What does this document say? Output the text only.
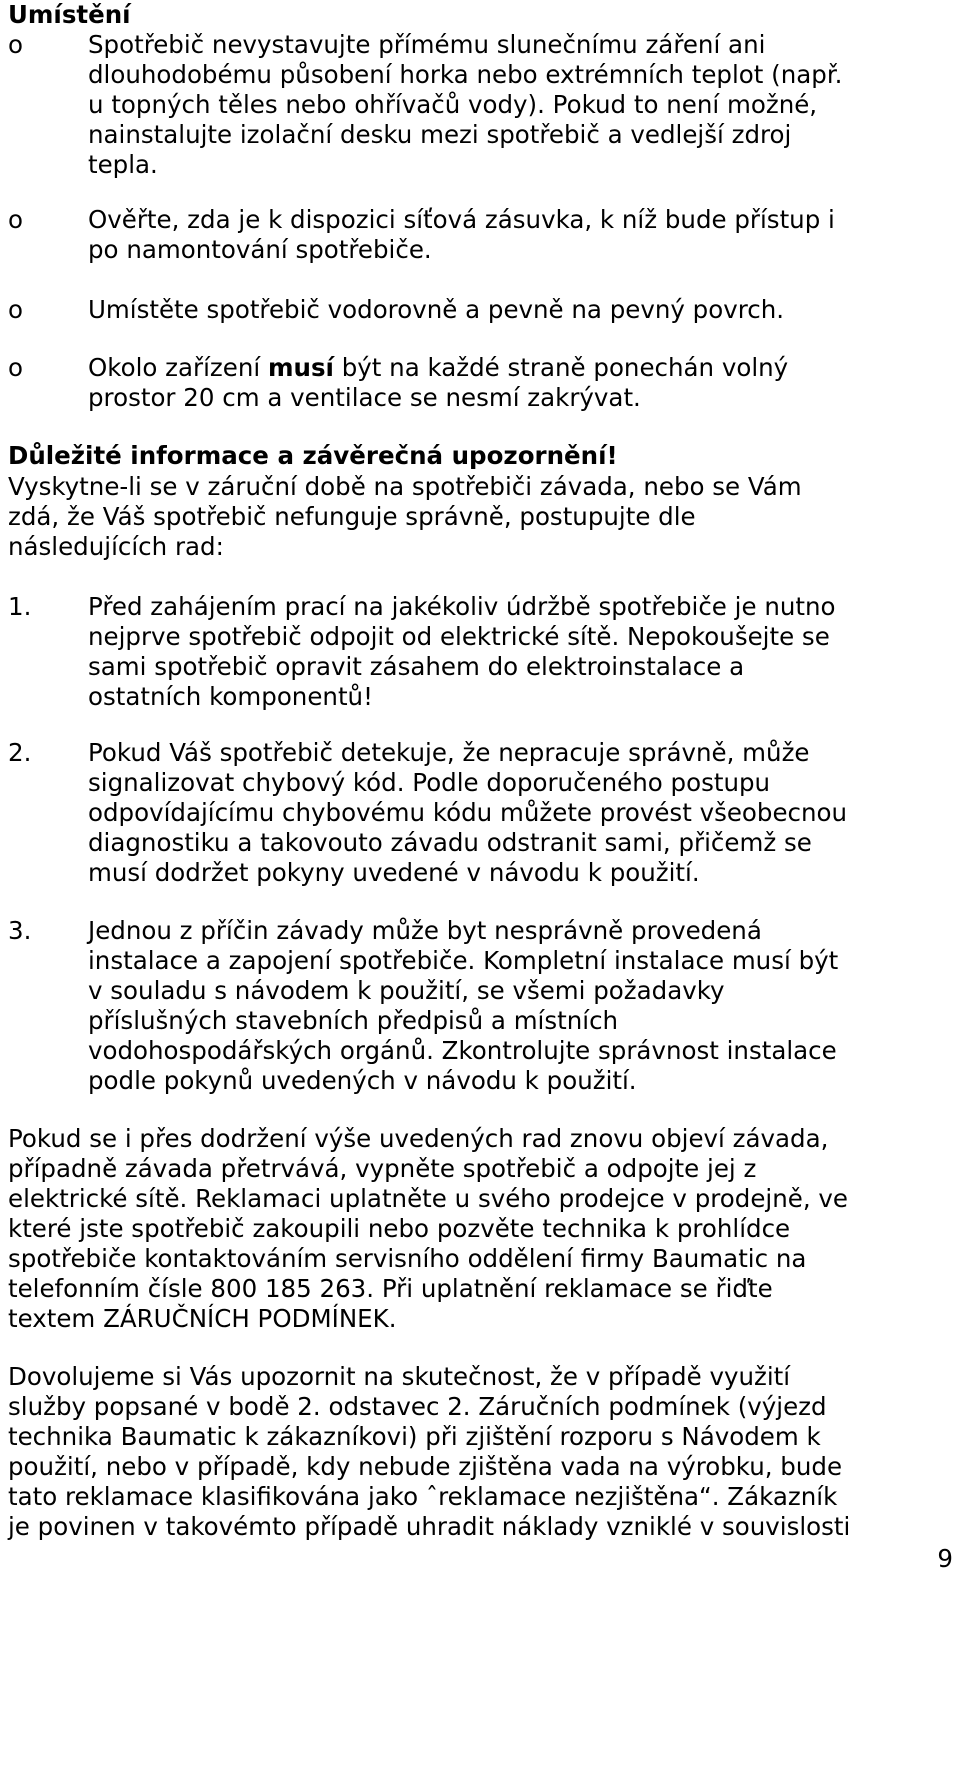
Umístění
o	Spotřebič nevystavujte přímému slunečnímu záření ani
dlouhodobému působení horka nebo extrémních teplot (např.
u topných těles nebo ohřívačů vody). Pokud to není možné,
nainstalujte izolační desku mezi spotřebič a vedlejší zdroj
tepla.
o	Ověřte, zda je k dispozici síťová zásuvka, k níž bude přístup i
po namontování spotřebiče.
o	Umístěte spotřebič vodorovně a pevně na pevný povrch.
o	Okolo zařízení musí být na každé straně ponechán volný
prostor 20 cm a ventilace se nesmí zakrývat.
Důležité informace a závěrečná upozornění!
Vyskytne-li se v záruční době na spotřebiči závada, nebo se Vám
zdá, že Váš spotřebič nefunguje správně, postupujte dle
následujících rad:
1.	Před zahájením prací na jakékoliv údržbě spotřebiče je nutno
nejprve spotřebič odpojit od elektrické sítě. Nepokoušejte se
sami spotřebič opravit zásahem do elektroinstalace a
ostatních komponentů!
2.	Pokud Váš spotřebič detekuje, že nepracuje správně, může
signalizovat chybový kód. Podle doporučeného postupu
odpovídajícímu chybovému kódu můžete provést všeobecnou
diagnostiku a takovouto závadu odstranit sami, přičemž se
musí dodržet pokyny uvedené v návodu k použití.
3.	Jednou z příčin závady může byt nesprávně provedená
instalace a zapojení spotřebiče. Kompletní instalace musí být
v souladu s návodem k použití, se všemi požadavky
příslušných stavebních předpisů a místních
vodohospodářských orgánů. Zkontrolujte správnost instalace
podle pokynů uvedených v návodu k použití.
Pokud se i přes dodržení výše uvedených rad znovu objeví závada,
případně závada přetrvává, vypněte spotřebič a odpojte jej z
elektrické sítě. Reklamaci uplatněte u svého prodejce v prodejně, ve
které jste spotřebič zakoupili nebo pozvěte technika k prohlídce
spotřebiče kontaktováním servisního oddělení firmy Baumatic na
telefonním čísle 800 185 263. Při uplatnění reklamace se řiďte
textem ZÁRUČNÍCH PODMÍNEK.
Dovolujeme si Vás upozornit na skutečnost, že v případě využití
služby popsané v bodě 2. odstavec 2. Záručních podmínek (výjezd
technika Baumatic k zákazníkovi) při zjištění rozporu s Návodem k
použití, nebo v případě, kdy nebude zjištěna vada na výrobku, bude
tato reklamace klasifikována jako ˆreklamace nezjištěna“. Zákazník
je povinen v takovémto případě uhradit náklady vzniklé v souvislosti
9
